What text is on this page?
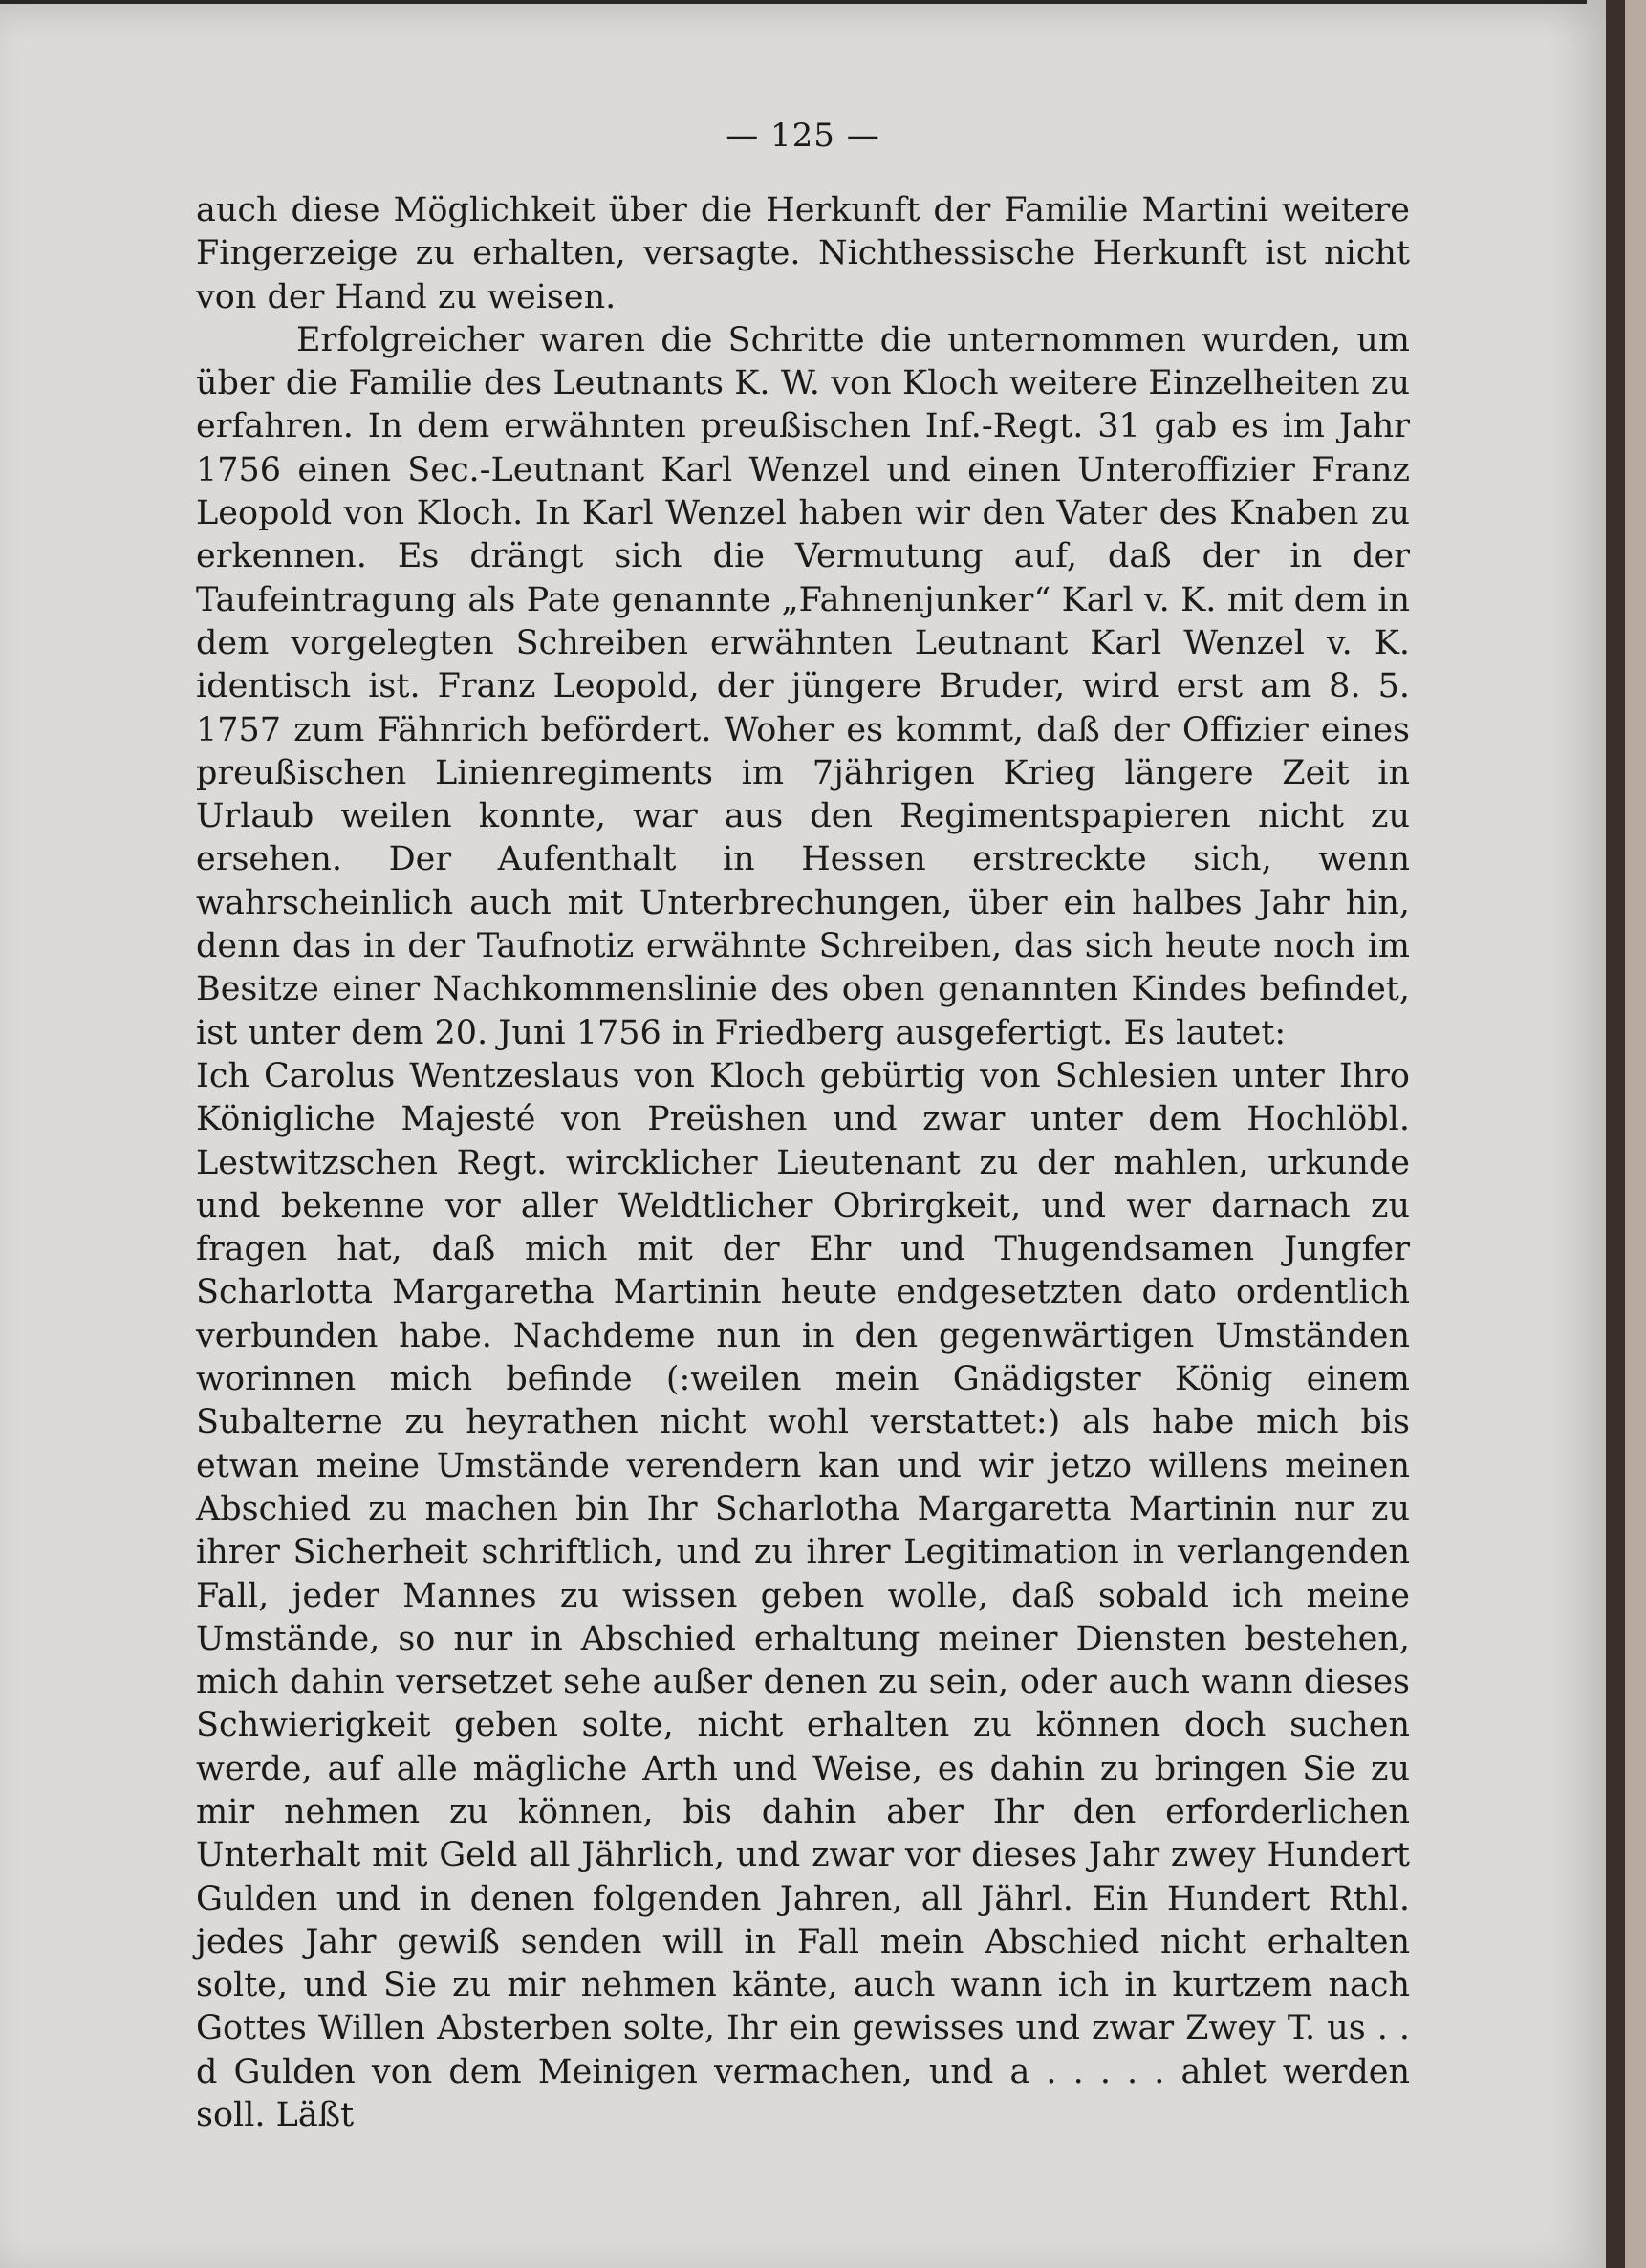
— 125 —

auch diese Möglichkeit über die Herkunft der Familie Martini weitere Fingerzeige zu erhalten, versagte. Nichthessische Herkunft ist nicht von der Hand zu weisen.

Erfolgreicher waren die Schritte die unternommen wurden, um über die Familie des Leutnants K. W. von Kloch weitere Einzelheiten zu erfahren. In dem erwähnten preußischen Inf.-Regt. 31 gab es im Jahr 1756 einen Sec.-Leutnant Karl Wenzel und einen Unteroffizier Franz Leopold von Kloch. In Karl Wenzel haben wir den Vater des Knaben zu erkennen. Es drängt sich die Vermutung auf, daß der in der Taufeintragung als Pate genannte „Fahnenjunker“ Karl v. K. mit dem in dem vorgelegten Schreiben erwähnten Leutnant Karl Wenzel v. K. identisch ist. Franz Leopold, der jüngere Bruder, wird erst am 8. 5. 1757 zum Fähnrich befördert. Woher es kommt, daß der Offizier eines preußischen Linienregiments im 7jährigen Krieg längere Zeit in Urlaub weilen konnte, war aus den Regimentspapieren nicht zu ersehen. Der Aufenthalt in Hessen erstreckte sich, wenn wahrscheinlich auch mit Unterbrechungen, über ein halbes Jahr hin, denn das in der Taufnotiz erwähnte Schreiben, das sich heute noch im Besitze einer Nachkommenslinie des oben genannten Kindes befindet, ist unter dem 20. Juni 1756 in Friedberg ausgefertigt. Es lautet:

Ich Carolus Wentzeslaus von Kloch gebürtig von Schlesien unter Ihro Königliche Majesté von Preüshen und zwar unter dem Hochlöbl. Lestwitzschen Regt. wircklicher Lieutenant zu der mahlen, urkunde und bekenne vor aller Weldtlicher Obrirgkeit, und wer darnach zu fragen hat, daß mich mit der Ehr und Thugendsamen Jungfer Scharlotta Margaretha Martinin heute endgesetzten dato ordentlich verbunden habe. Nachdeme nun in den gegenwärtigen Umständen worinnen mich befinde (:weilen mein Gnädigster König einem Subalterne zu heyrathen nicht wohl verstattet:) als habe mich bis etwan meine Umstände verendern kan und wir jetzo willens meinen Abschied zu machen bin Ihr Scharlotha Margaretta Martinin nur zu ihrer Sicherheit schriftlich, und zu ihrer Legitimation in verlangenden Fall, jeder Mannes zu wissen geben wolle, daß sobald ich meine Umstände, so nur in Abschied erhaltung meiner Diensten bestehen, mich dahin versetzet sehe außer denen zu sein, oder auch wann dieses Schwierigkeit geben solte, nicht erhalten zu können doch suchen werde, auf alle mägliche Arth und Weise, es dahin zu bringen Sie zu mir nehmen zu können, bis dahin aber Ihr den erforderlichen Unterhalt mit Geld all Jährlich, und zwar vor dieses Jahr zwey Hundert Gulden und in denen folgenden Jahren, all Jährl. Ein Hundert Rthl. jedes Jahr gewiß senden will in Fall mein Abschied nicht erhalten solte, und Sie zu mir nehmen känte, auch wann ich in kurtzem nach Gottes Willen Absterben solte, Ihr ein gewisses und zwar Zwey T. us . . d Gulden von dem Meinigen vermachen, und a . . . . . ahlet werden soll. Läßt
